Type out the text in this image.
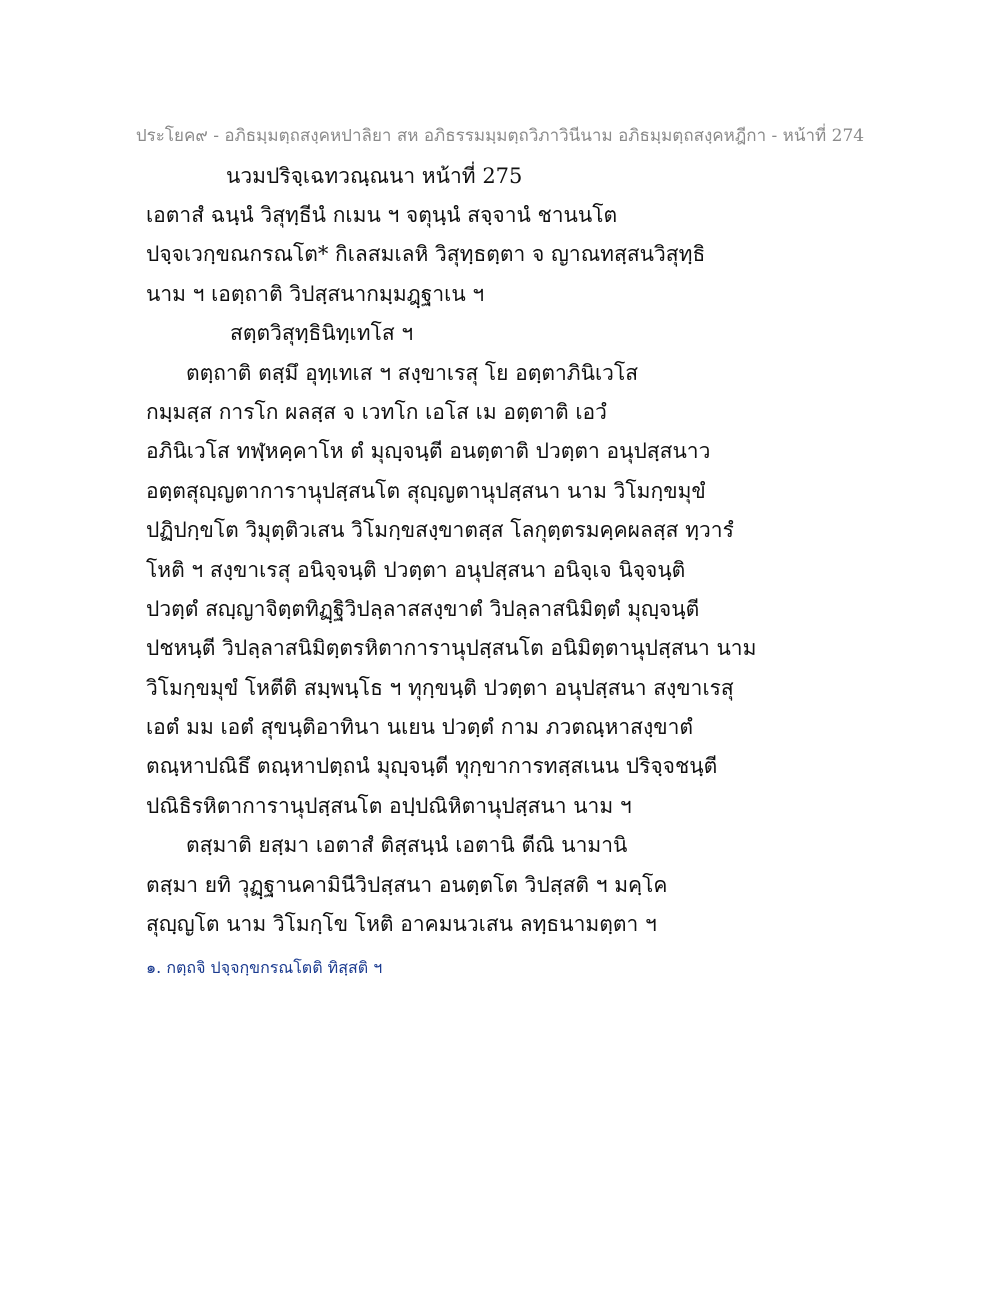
ประโยค๙ - อภิธมฺมตฺถสงฺคหปาลิยา สห อภิธรรมมฺมตฺถวิภาวินีนาม อภิธมฺมตฺถสงฺคหฎีกา - หน้าที่ 274
นวมปริจฺเฉทวณฺณนา หน้าที่ 275
เอตาสํ ฉนฺนํ วิสุทฺธีนํ กเมน ฯ จตุนฺนํ สจฺจานํ ชานนโต
ปจฺจเวกฺขณกรณโต* กิเลสมเลหิ วิสุทฺธตฺตา จ ญาณทสฺสนวิสุทฺธิ
นาม ฯ เอตฺถาติ วิปสฺสนากมฺมฎฺฐาเน ฯ
สตฺตวิสุทฺธินิทฺเทโส ฯ
ตตฺถาติ ตสฺมึ อุทฺเทเส ฯ สงฺขาเรสุ โย อตฺตาภินิเวโส
กมฺมสฺส การโก ผลสฺส จ เวทโก เอโส เม อตฺตาติ เอวํ
อภินิเวโส ทฬฺหคฺคาโห ตํ มุญฺจนฺตี อนตฺตาติ ปวตฺตา อนุปสฺสนาว
อตฺตสุญฺญตาการานุปสฺสนโต สุญฺญตานุปสฺสนา นาม วิโมกฺขมุขํ
ปฏิปกฺขโต วิมุตฺติวเสน วิโมกฺขสงฺขาตสฺส โลกุตฺตรมคฺคผลสฺส ทฺวารํ
โหติ ฯ สงฺขาเรสุ อนิจฺจนฺติ ปวตฺตา อนุปสฺสนา อนิจฺเจ นิจฺจนฺติ
ปวตฺตํ สญฺญาจิตฺตทิฏฺฐิวิปลฺลาสสงฺขาตํ วิปลฺลาสนิมิตฺตํ มุญฺจนฺตี
ปชหนฺตี วิปลฺลาสนิมิตฺตรหิตาการานุปสฺสนโต อนิมิตฺตานุปสฺสนา นาม
วิโมกฺขมุขํ โหตีติ สมฺพนฺโธ ฯ ทุกฺขนฺติ ปวตฺตา อนุปสฺสนา สงฺขาเรสุ
เอตํ มม เอตํ สุขนฺติอาทินา นเยน ปวตฺตํ กาม ภวตณฺหาสงฺขาตํ
ตณฺหาปณิธึ ตณฺหาปตฺถนํ มุญฺจนฺตี ทุกฺขาการทสฺสเนน ปริจฺจชนฺตี
ปณิธิรหิตาการานุปสฺสนโต อปฺปณิหิตานุปสฺสนา นาม ฯ
ตสฺมาติ ยสฺมา เอตาสํ ติสฺสนฺนํ เอตานิ ตีณิ นามานิ
ตสฺมา ยทิ วุฏฺฐานคามินีวิปสฺสนา อนตฺตโต วิปสฺสติ ฯ มคฺโค
สุญฺญโต นาม วิโมกฺโข โหติ อาคมนวเสน ลทฺธนามตฺตา ฯ
๑. กตฺถจิ ปจฺจกฺขกรณโตติ ทิสฺสติ ฯ
